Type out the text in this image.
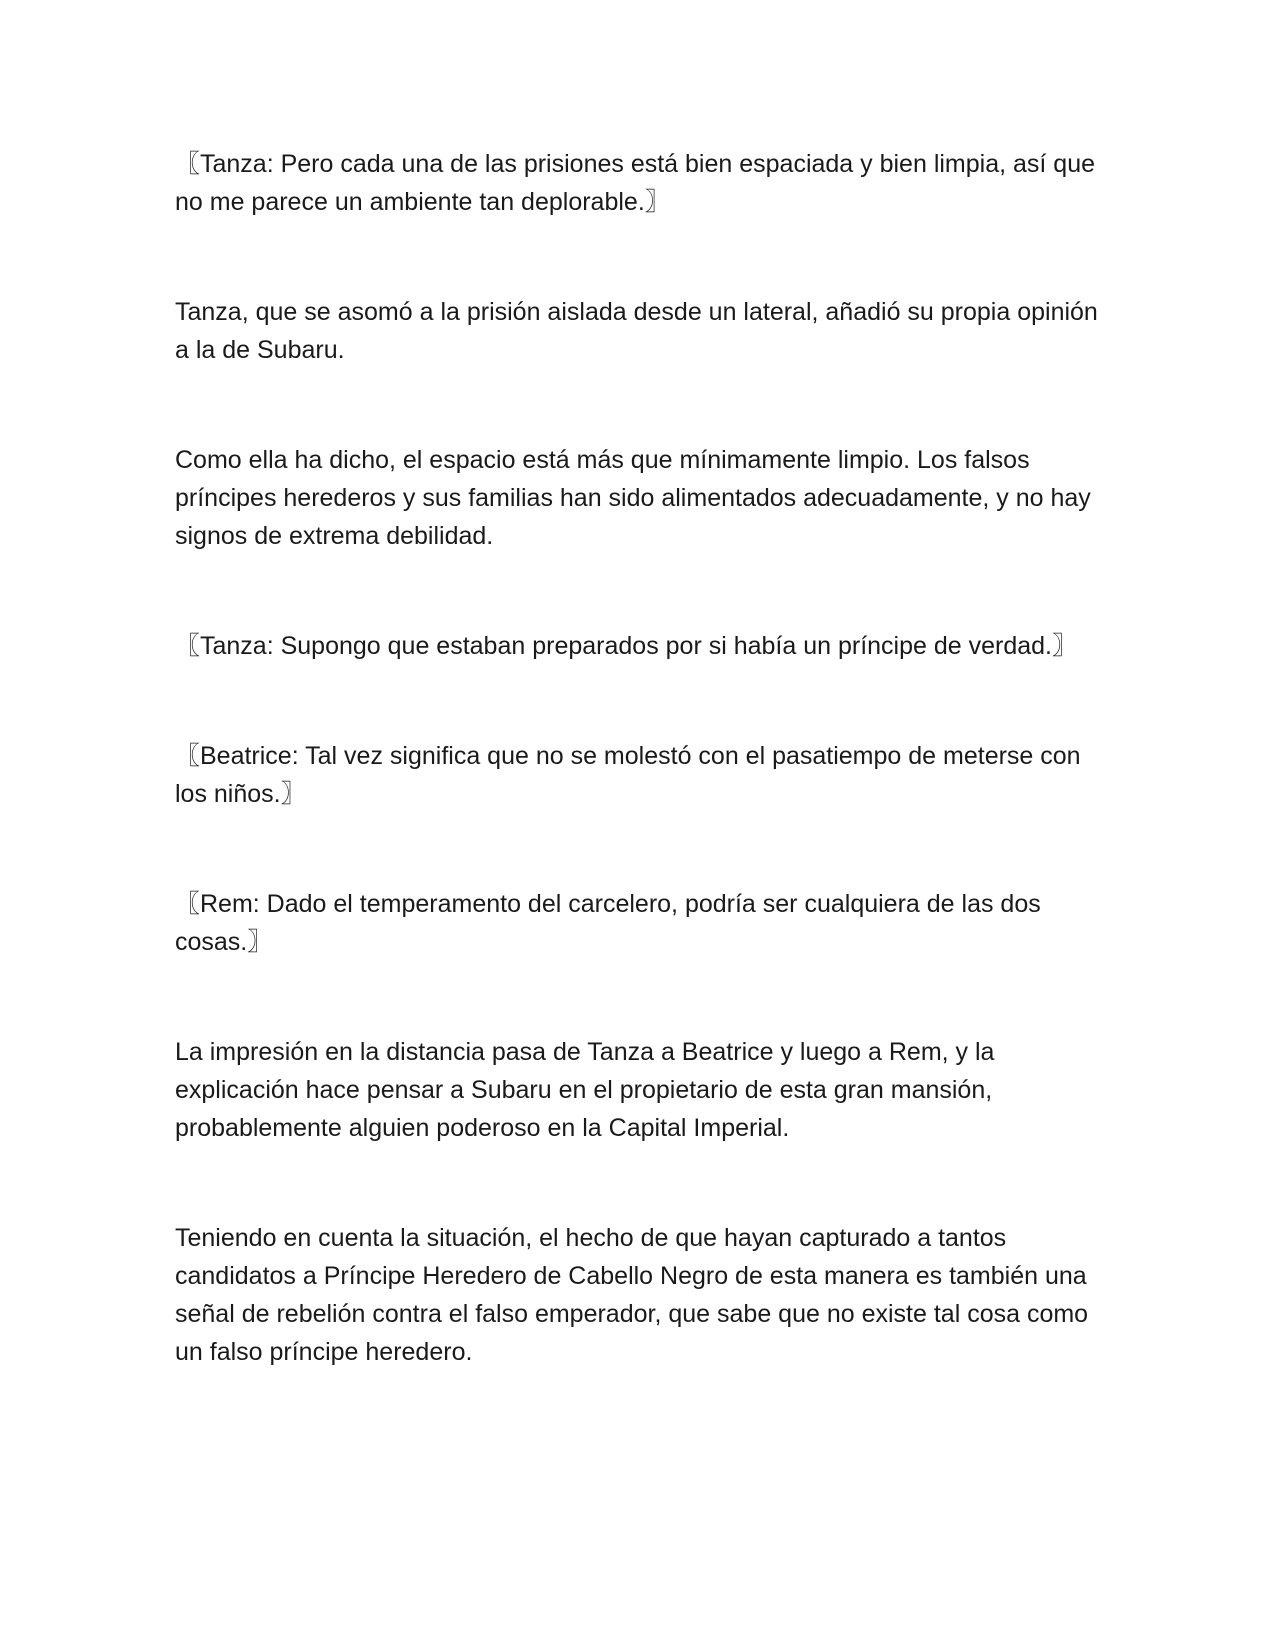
〖Tanza: Pero cada una de las prisiones está bien espaciada y bien limpia, así que no me parece un ambiente tan deplorable.〗

Tanza, que se asomó a la prisión aislada desde un lateral, añadió su propia opinión a la de Subaru.

Como ella ha dicho, el espacio está más que mínimamente limpio. Los falsos príncipes herederos y sus familias han sido alimentados adecuadamente, y no hay signos de extrema debilidad.

〖Tanza: Supongo que estaban preparados por si había un príncipe de verdad.〗

〖Beatrice: Tal vez significa que no se molestó con el pasatiempo de meterse con los niños.〗

〖Rem: Dado el temperamento del carcelero, podría ser cualquiera de las dos cosas.〗

La impresión en la distancia pasa de Tanza a Beatrice y luego a Rem, y la explicación hace pensar a Subaru en el propietario de esta gran mansión, probablemente alguien poderoso en la Capital Imperial.

Teniendo en cuenta la situación, el hecho de que hayan capturado a tantos candidatos a Príncipe Heredero de Cabello Negro de esta manera es también una señal de rebelión contra el falso emperador, que sabe que no existe tal cosa como un falso príncipe heredero.
